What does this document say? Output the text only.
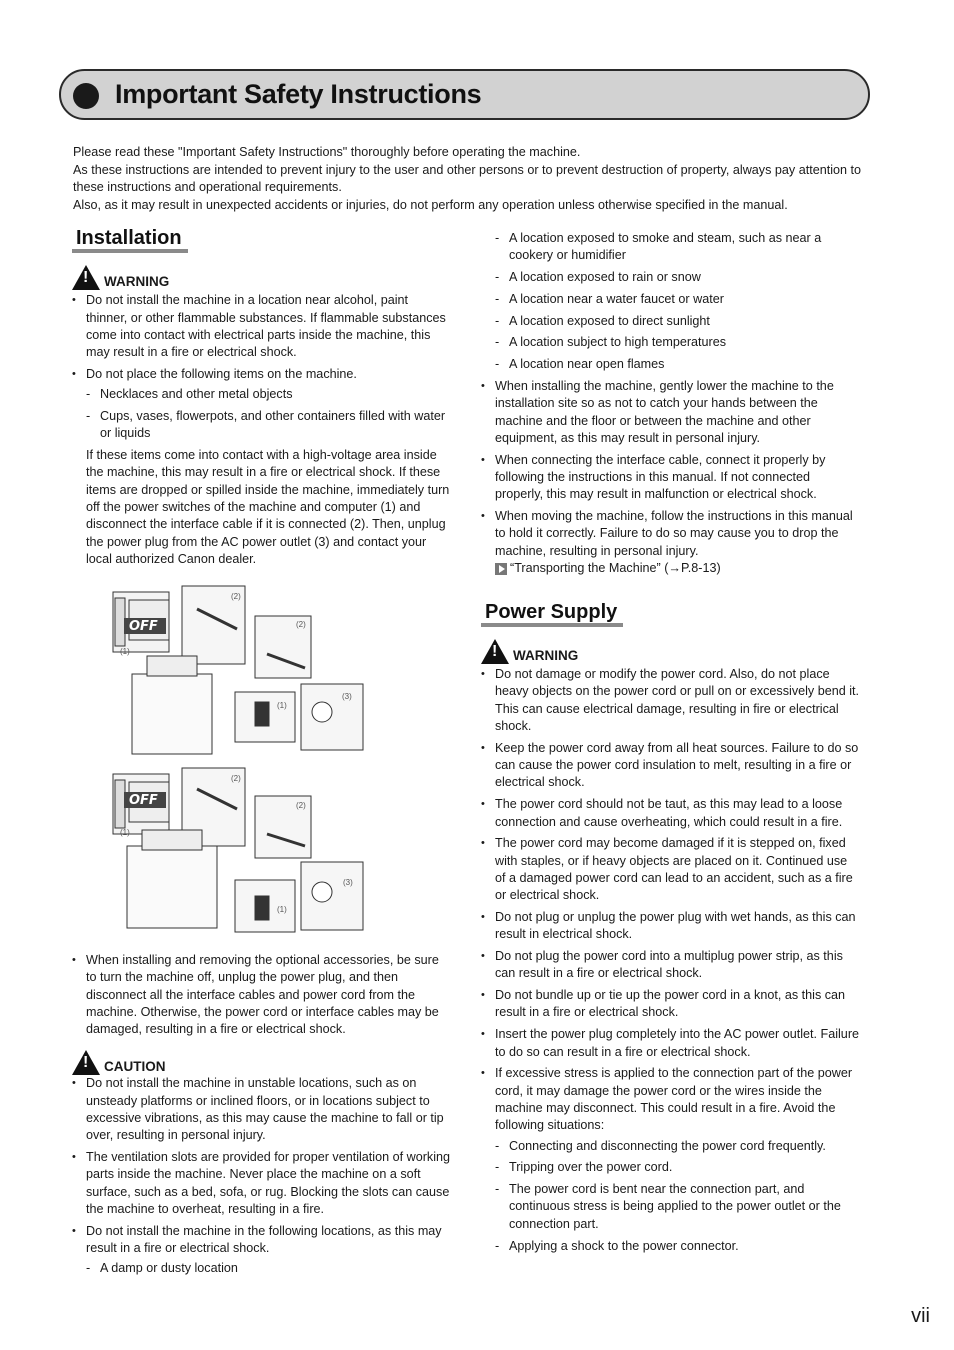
Important Safety Instructions

Please read these "Important Safety Instructions" thoroughly before operating the machine.

As these instructions are intended to prevent injury to the user and other persons or to prevent destruction of property, always pay attention to these instructions and operational requirements.

Also, as it may result in unexpected accidents or injuries, do not perform any operation unless otherwise specified in the manual.

Installation
!
WARNING
• Do not install the machine in a location near alcohol, paint thinner, or other flammable substances. If flammable substances come into contact with electrical parts inside the machine, this may result in a fire or electrical shock.
• Do not place the following items on the machine.
- Necklaces and other metal objects
- Cups, vases, flowerpots, and other containers filled with water or liquids

If these items come into contact with a high-voltage area inside the machine, this may result in a fire or electrical shock. If these items are dropped or spilled inside the machine, immediately turn off the power switches of the machine and computer (1) and disconnect the interface cable if it is connected (2). Then, unplug the power plug from the AC power outlet (3) and contact your local authorized Canon dealer.

OFF
(1)
(2)
(2)
(1)
(3)
OFF
(1)
(2)
(2)
(1)
(3)
• When installing and removing the optional accessories, be sure to turn the machine off, unplug the power plug, and then disconnect all the interface cables and power cord from the machine. Otherwise, the power cord or interface cables may be damaged, resulting in a fire or electrical shock.
!
CAUTION
• Do not install the machine in unstable locations, such as on unsteady platforms or inclined floors, or in locations subject to excessive vibrations, as this may cause the machine to fall or tip over, resulting in personal injury.
• The ventilation slots are provided for proper ventilation of working parts inside the machine. Never place the machine on a soft surface, such as a bed, sofa, or rug. Blocking the slots can cause the machine to overheat, resulting in a fire.
• Do not install the machine in the following locations, as this may result in a fire or electrical shock.
- A damp or dusty location
- A location exposed to smoke and steam, such as near a cookery or humidifier
- A location exposed to rain or snow
- A location near a water faucet or water
- A location exposed to direct sunlight
- A location subject to high temperatures
- A location near open flames
• When installing the machine, gently lower the machine to the installation site so as not to catch your hands between the machine and the floor or between the machine and other equipment, as this may result in personal injury.
• When connecting the interface cable, connect it properly by following the instructions in this manual. If not connected properly, this may result in malfunction or electrical shock.
• When moving the machine, follow the instructions in this manual to hold it correctly. Failure to do so may cause you to drop the machine, resulting in personal injury.
“Transporting the Machine” (→P.8-13)
Power Supply
!
WARNING
• Do not damage or modify the power cord. Also, do not place heavy objects on the power cord or pull on or excessively bend it. This can cause electrical damage, resulting in fire or electrical shock.
• Keep the power cord away from all heat sources. Failure to do so can cause the power cord insulation to melt, resulting in a fire or electrical shock.
• The power cord should not be taut, as this may lead to a loose connection and cause overheating, which could result in a fire.
• The power cord may become damaged if it is stepped on, fixed with staples, or if heavy objects are placed on it. Continued use of a damaged power cord can lead to an accident, such as a fire or electrical shock.
• Do not plug or unplug the power plug with wet hands, as this can result in electrical shock.
• Do not plug the power cord into a multiplug power strip, as this can result in a fire or electrical shock.
• Do not bundle up or tie up the power cord in a knot, as this can result in a fire or electrical shock.
• Insert the power plug completely into the AC power outlet. Failure to do so can result in a fire or electrical shock.
• If excessive stress is applied to the connection part of the power cord, it may damage the power cord or the wires inside the machine may disconnect. This could result in a fire. Avoid the following situations:
- Connecting and disconnecting the power cord frequently.
- Tripping over the power cord.
- The power cord is bent near the connection part, and continuous stress is being applied to the power outlet or the connection part.
- Applying a shock to the power connector.
vii
